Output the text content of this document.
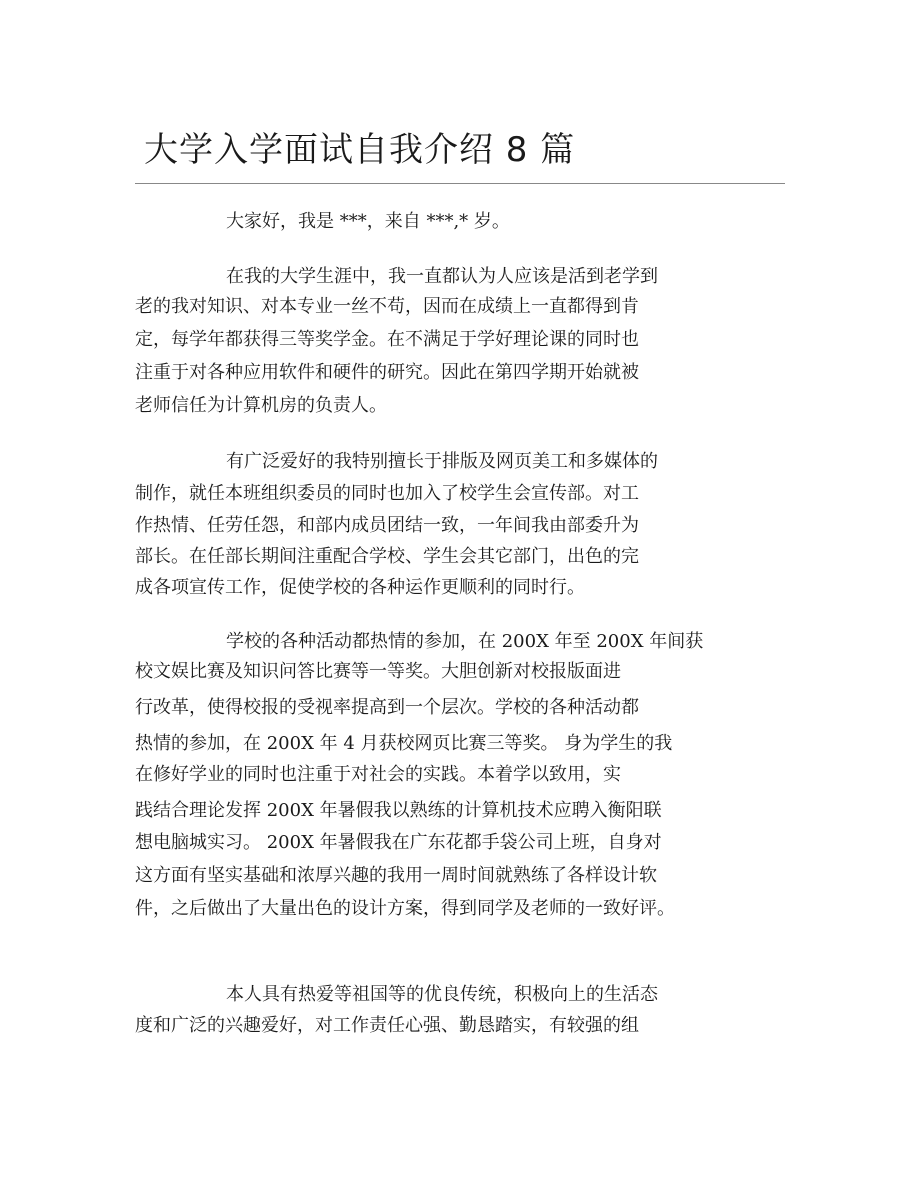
大学入学面试自我介绍 8 篇

大家好，我是 ***，来自 ***,* 岁。

在我的大学生涯中，我一直都认为人应该是活到老学到

老的我对知识、对本专业一丝不苟，因而在成绩上一直都得到肯

定，每学年都获得三等奖学金。在不满足于学好理论课的同时也

注重于对各种应用软件和硬件的研究。因此在第四学期开始就被

老师信任为计算机房的负责人。

有广泛爱好的我特别擅长于排版及网页美工和多媒体的

制作，就任本班组织委员的同时也加入了校学生会宣传部。对工

作热情、任劳任怨，和部内成员团结一致，一年间我由部委升为

部长。在任部长期间注重配合学校、学生会其它部门，出色的完

成各项宣传工作，促使学校的各种运作更顺利的同时行。

学校的各种活动都热情的参加，在 200X 年至 200X 年间获

校文娱比赛及知识问答比赛等一等奖。大胆创新对校报版面进

行改革，使得校报的受视率提高到一个层次。学校的各种活动都

热情的参加，在 200X 年 4 月获校网页比赛三等奖。 身为学生的我

在修好学业的同时也注重于对社会的实践。本着学以致用，实

践结合理论发挥 200X 年暑假我以熟练的计算机技术应聘入衡阳联

想电脑城实习。 200X 年暑假我在广东花都手袋公司上班，自身对

这方面有坚实基础和浓厚兴趣的我用一周时间就熟练了各样设计软

件，之后做出了大量出色的设计方案，得到同学及老师的一致好评。

本人具有热爱等祖国等的优良传统，积极向上的生活态

度和广泛的兴趣爱好，对工作责任心强、勤恳踏实，有较强的组
